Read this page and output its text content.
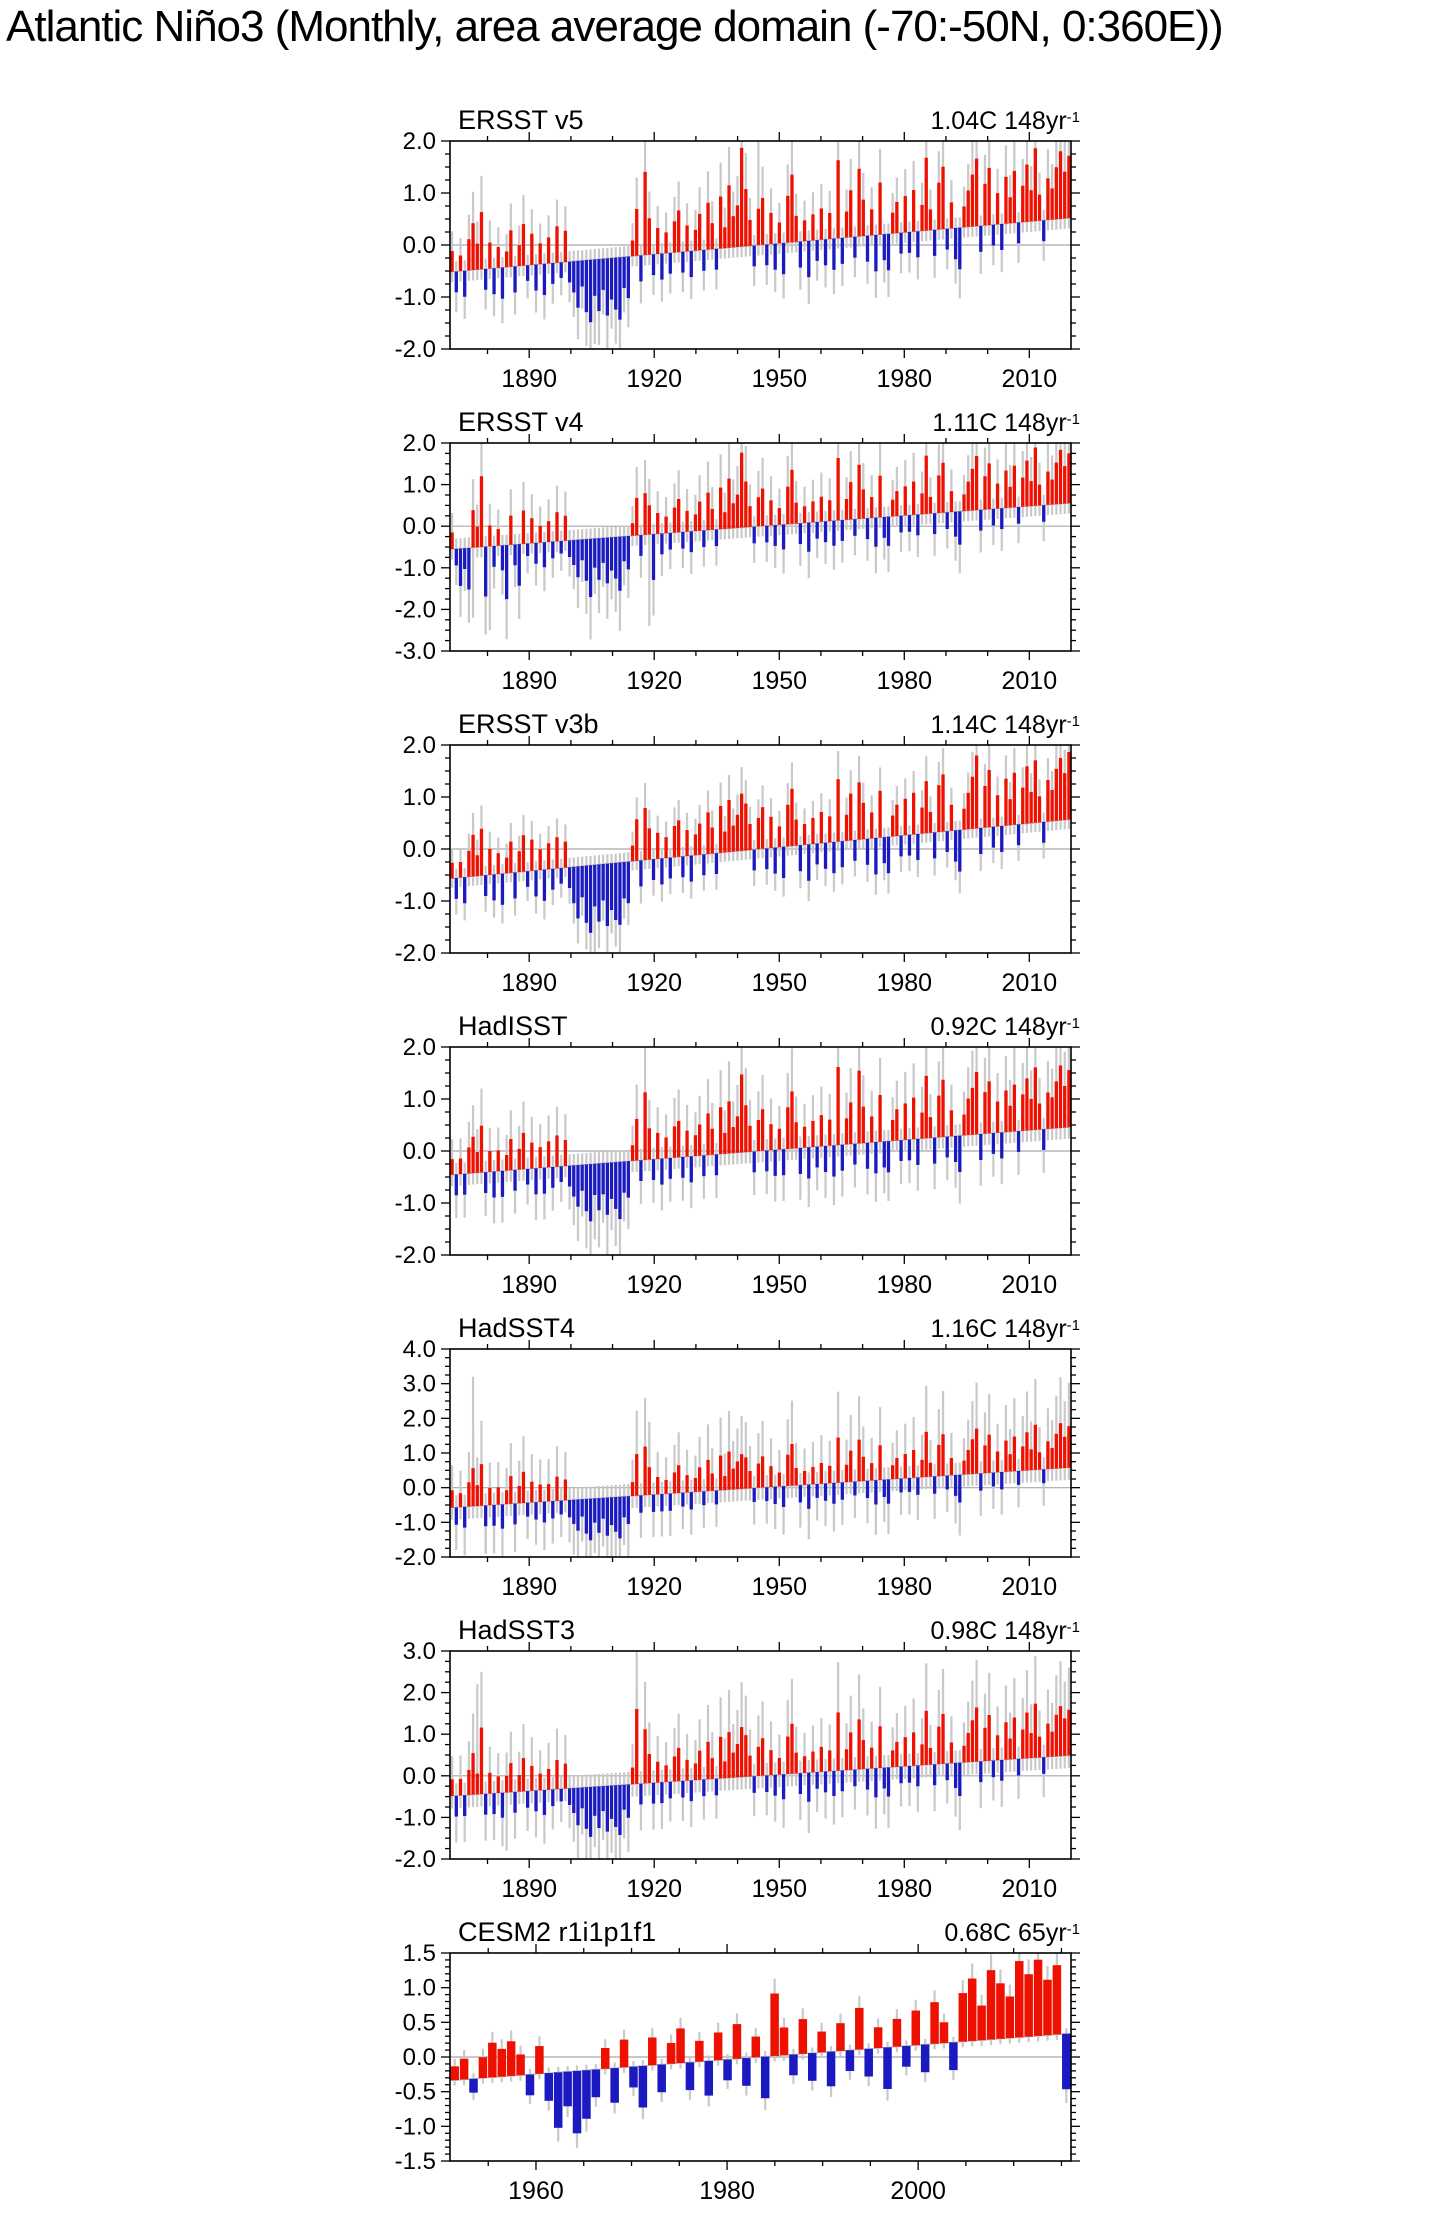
Atlantic Niño3 (Monthly, area average domain (-70:-50N, 0:360E))
ERSST v5	1.04C $148yr^{-1}$
ERSST v4	1.11C $148yr^{-1}$
ERSST v3b	1.14C $148yr^{-1}$
HadISST	0.92C $148yr^{-1}$
HadSST4	1.16C $148yr^{-1}$
HadSST3	0.98C $148yr^{-1}$
CESM2 r1i1p1f1	0.68C $65yr^{-1}$
2.0
1.0
0.0
-1.0
-2.0
1890	1920	1950	1980	2010
2.0
1.0
0.0
-1.0
-2.0
-3.0
1890	1920	1950	1980	2010
2.0
1.0
0.0
-1.0
-2.0
1890	1920	1950	1980	2010
2.0
1.0
0.0
-1.0
-2.0
1890	1920	1950	1980	2010
4.0
3.0
2.0
1.0
0.0
-1.0
-2.0
1890	1920	1950	1980	2010
3.0
2.0
1.0
0.0
-1.0
-2.0
1890	1920	1950	1980	2010
1.5
1.0
0.5
0.0
-0.5
-1.0
-1.5
1960	1980	2000
